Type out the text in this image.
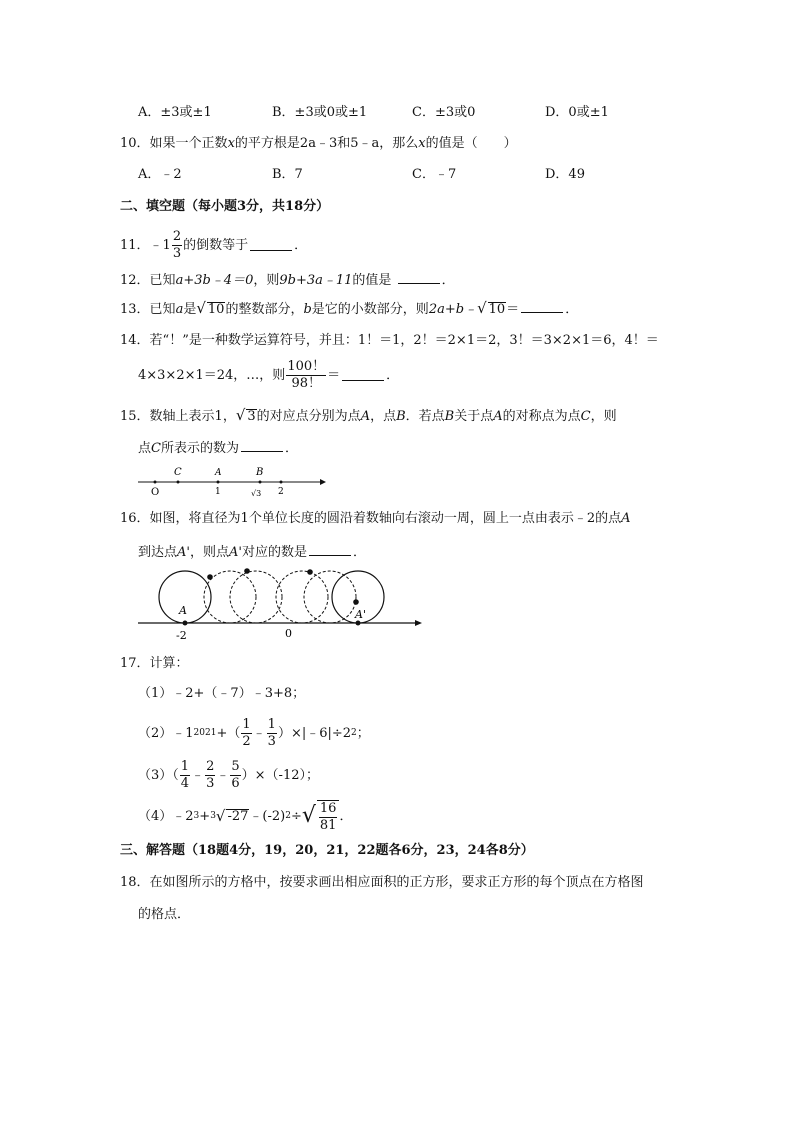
A．±3或±1	B．±3或0或±1	C．±3或0	D．0或±1
10．如果一个正数x的平方根是2a﹣3和5﹣a，那么x的值是（　　）
A．﹣2	B．7	C．﹣7	D．49
二、填空题（每小题3分，共18分）
11． ﹣1 $\frac{2}{3}$ 的倒数等于	．
12．已知a+3b﹣4＝0，则9b+3a﹣11的值是	．
13．已知a是√ 10的整数部分，b是它的小数部分，则2a+b﹣√ 10＝	．
14．若“！”是一种数学运算符号，并且：1！＝1，2！＝2×1＝2，3！＝3×2×1＝6，4！＝
4×3×2×1＝24，…，则 $\frac{100!}{98!}$ ＝	．
15．数轴上表示1，√ 3的对应点分别为点A，点B．若点B关于点A的对称点为点C，则
点C所表示的数为	．
C	A	B
O	1	√3 2
16．如图，将直径为1个单位长度的圆沿着数轴向右滚动一周，圆上一点由表示﹣2的点A
到达点A'，则点A'对应的数是	．
A	A'
-2	0
17．计算：
（1）﹣2+（﹣7）﹣3+8；
（2）﹣1 2021 +（ $\frac{1}{2}$ ﹣ $\frac{1}{3}$ ）×|﹣6|÷2 2 ；
$(3)( \frac{1}{4}$ ﹣ $\frac{2}{3}$ ﹣ $\frac{5}{6} )\times(-12)$；
（4）﹣2 3 + 3 √ -27 ﹣(-2) 2 ÷ √ $\frac{16}{81}$ ．
三、解答题（18题4分，19，20，21，22题各6分，23，24各8分）
18．在如图所示的方格中，按要求画出相应面积的正方形，要求正方形的每个顶点在方格图
的格点．
